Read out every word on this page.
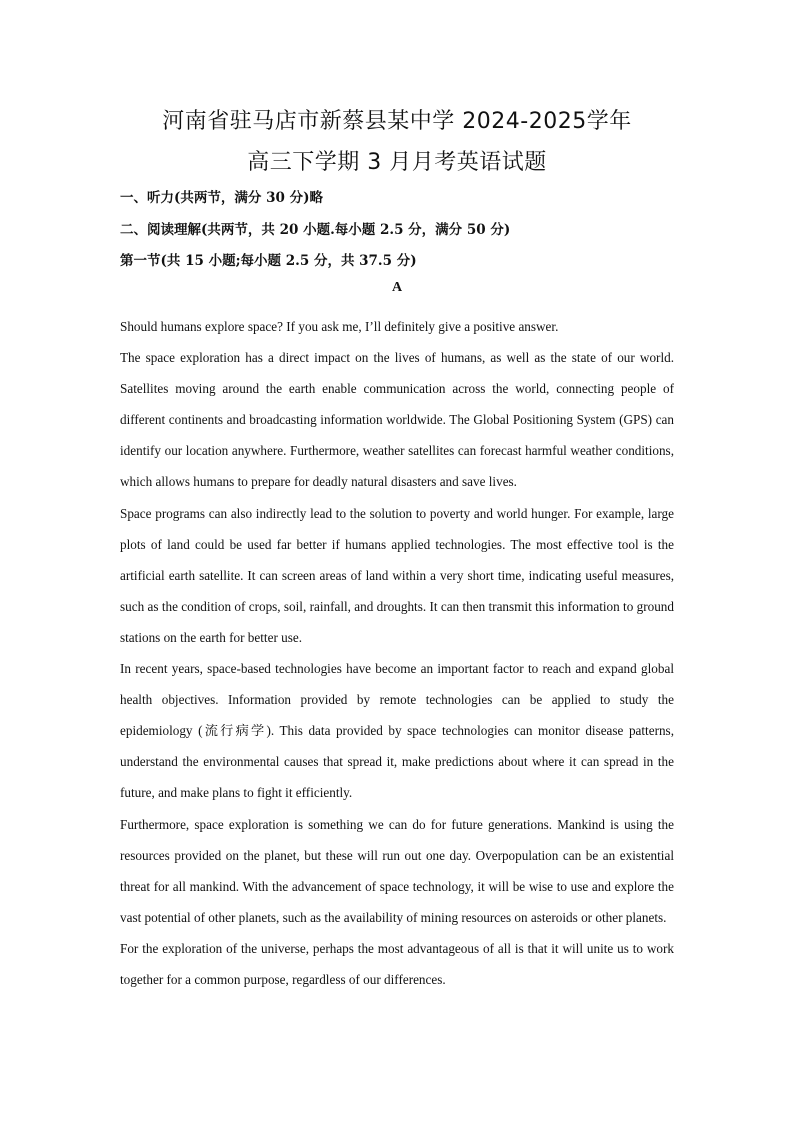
河南省驻马店市新蔡县某中学 2024-2025学年
高三下学期 3 月月考英语试题
一、听力(共两节，满分 30 分)略
二、阅读理解(共两节，共 20 小题.每小题 2.5 分，满分 50 分)
第一节(共 15 小题;每小题 2.5 分，共 37.5 分)
A

Should humans explore space? If you ask me, I’ll definitely give a positive answer.

The space exploration has a direct impact on the lives of humans, as well as the state of our world. Satellites moving around the earth enable communication across the world, connecting people of different continents and broadcasting information worldwide. The Global Positioning System (GPS) can identify our location anywhere. Furthermore, weather satellites can forecast harmful weather conditions, which allows humans to prepare for deadly natural disasters and save lives.

Space programs can also indirectly lead to the solution to poverty and world hunger. For example, large plots of land could be used far better if humans applied technologies. The most effective tool is the artificial earth satellite. It can screen areas of land within a very short time, indicating useful measures, such as the condition of crops, soil, rainfall, and droughts. It can then transmit this information to ground stations on the earth for better use.

In recent years, space-based technologies have become an important factor to reach and expand global health objectives. Information provided by remote technologies can be applied to study the epidemiology (流行病学). This data provided by space technologies can monitor disease patterns, understand the environmental causes that spread it, make predictions about where it can spread in the future, and make plans to fight it efficiently.

Furthermore, space exploration is something we can do for future generations. Mankind is using the resources provided on the planet, but these will run out one day. Overpopulation can be an existential threat for all mankind. With the advancement of space technology, it will be wise to use and explore the vast potential of other planets, such as the availability of mining resources on asteroids or other planets.

For the exploration of the universe, perhaps the most advantageous of all is that it will unite us to work together for a common purpose, regardless of our differences.
